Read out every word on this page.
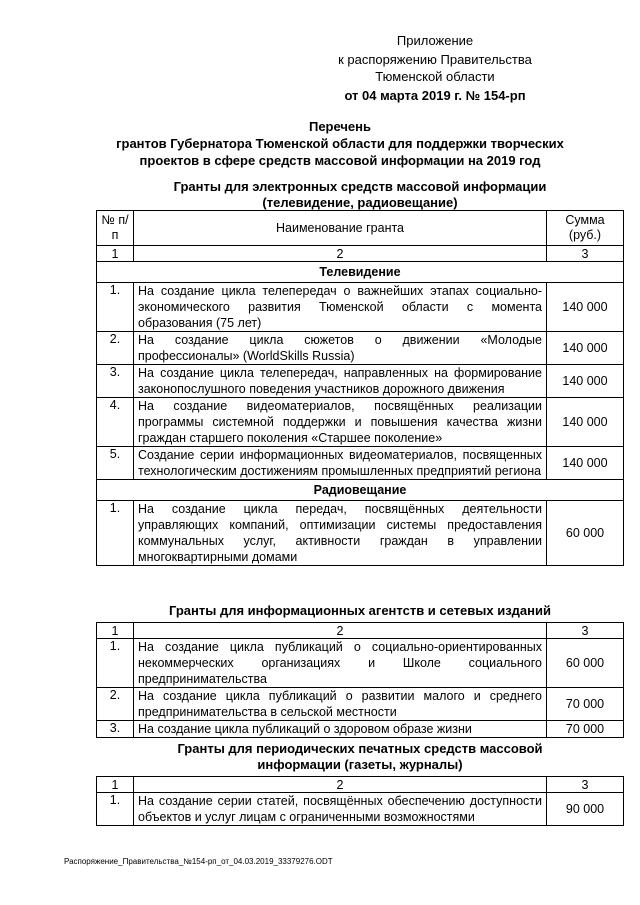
Приложение
к распоряжению Правительства
Тюменской области
от 04 марта 2019 г. № 154-рп
Перечень
грантов Губернатора Тюменской области для поддержки творческих
проектов в сфере средств массовой информации на 2019 год
Гранты для электронных средств массовой информации
(телевидение, радиовещание)
№ п/п	Наименование гранта	Сумма (руб.)
1	2	3
Телевидение		
1.	На создание цикла телепередач о важнейших этапах социально-экономического развития Тюменской области с момента образования (75 лет)	140 000
2.	На создание цикла сюжетов о движении «Молодые профессионалы» (WorldSkills Russia)	140 000
3.	На создание цикла телепередач, направленных на формирование законопослушного поведения участников дорожного движения	140 000
4.	На создание видеоматериалов, посвящённых реализации программы системной поддержки и повышения качества жизни граждан старшего поколения «Старшее поколение»	140 000
5.	Создание серии информационных видеоматериалов, посвященных технологическим достижениям промышленных предприятий региона	140 000
Радиовещание		
1.	На создание цикла передач, посвящённых деятельности управляющих компаний, оптимизации системы предоставления коммунальных услуг, активности граждан в управлении многоквартирными домами	60 000
Гранты для информационных агентств и сетевых изданий
1	2	3
1.	На создание цикла публикаций о социально-ориентированных некоммерческих организациях и Школе социального предпринимательства	60 000
2.	На создание цикла публикаций о развитии малого и среднего предпринимательства в сельской местности	70 000
3.	На создание цикла публикаций о здоровом образе жизни	70 000
Гранты для периодических печатных средств массовой
информации (газеты, журналы)
1	2	3
1.	На создание серии статей, посвящённых обеспечению доступности объектов и услуг лицам с ограниченными возможностями	90 000
Распоряжение_Правительства_№154-рп_от_04.03.2019_33379276.ODT
